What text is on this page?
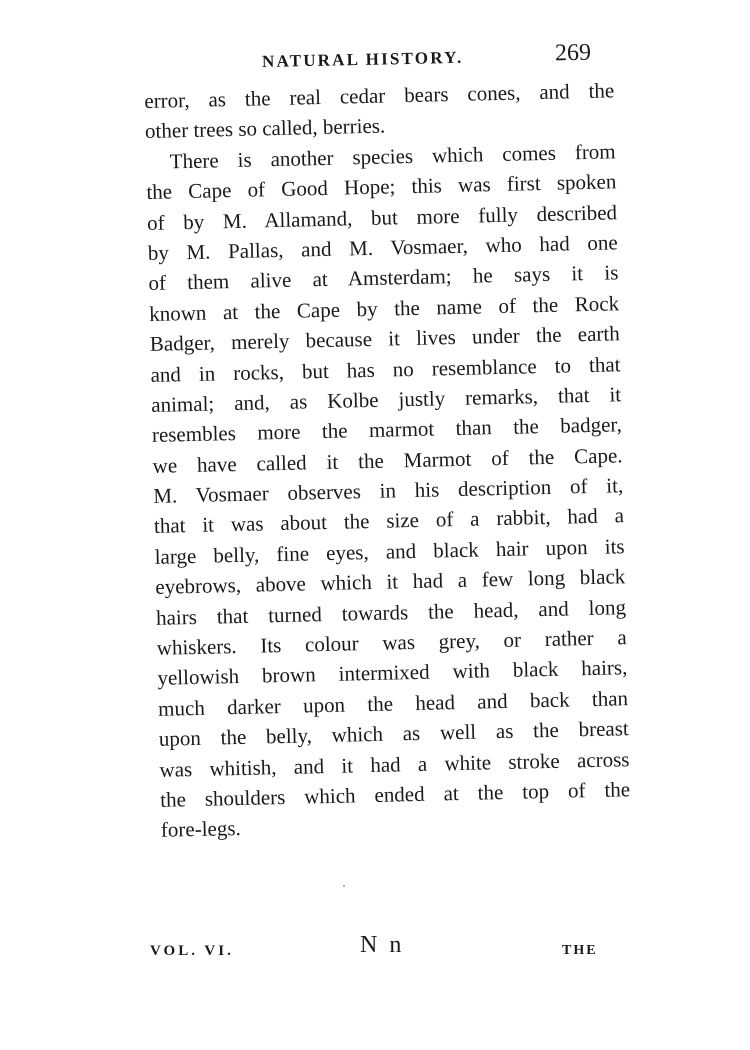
NATURAL HISTORY.	269
error, as the real cedar bears cones, and the
other trees so called, berries.
There is another species which comes from
the Cape of Good Hope; this was first spoken
of by M. Allamand, but more fully described
by M. Pallas, and M. Vosmaer, who had one
of them alive at Amsterdam; he says it is
known at the Cape by the name of the Rock
Badger, merely because it lives under the earth
and in rocks, but has no resemblance to that
animal; and, as Kolbe justly remarks, that it
resembles more the marmot than the badger,
we have called it the Marmot of the Cape.
M. Vosmaer observes in his description of it,
that it was about the size of a rabbit, had a
large belly, fine eyes, and black hair upon its
eyebrows, above which it had a few long black
hairs that turned towards the head, and long
whiskers. Its colour was grey, or rather a
yellowish brown intermixed with black hairs,
much darker upon the head and back than
upon the belly, which as well as the breast
was whitish, and it had a white stroke across
the shoulders which ended at the top of the
fore-legs.
VOL. VI.	N n	THE
